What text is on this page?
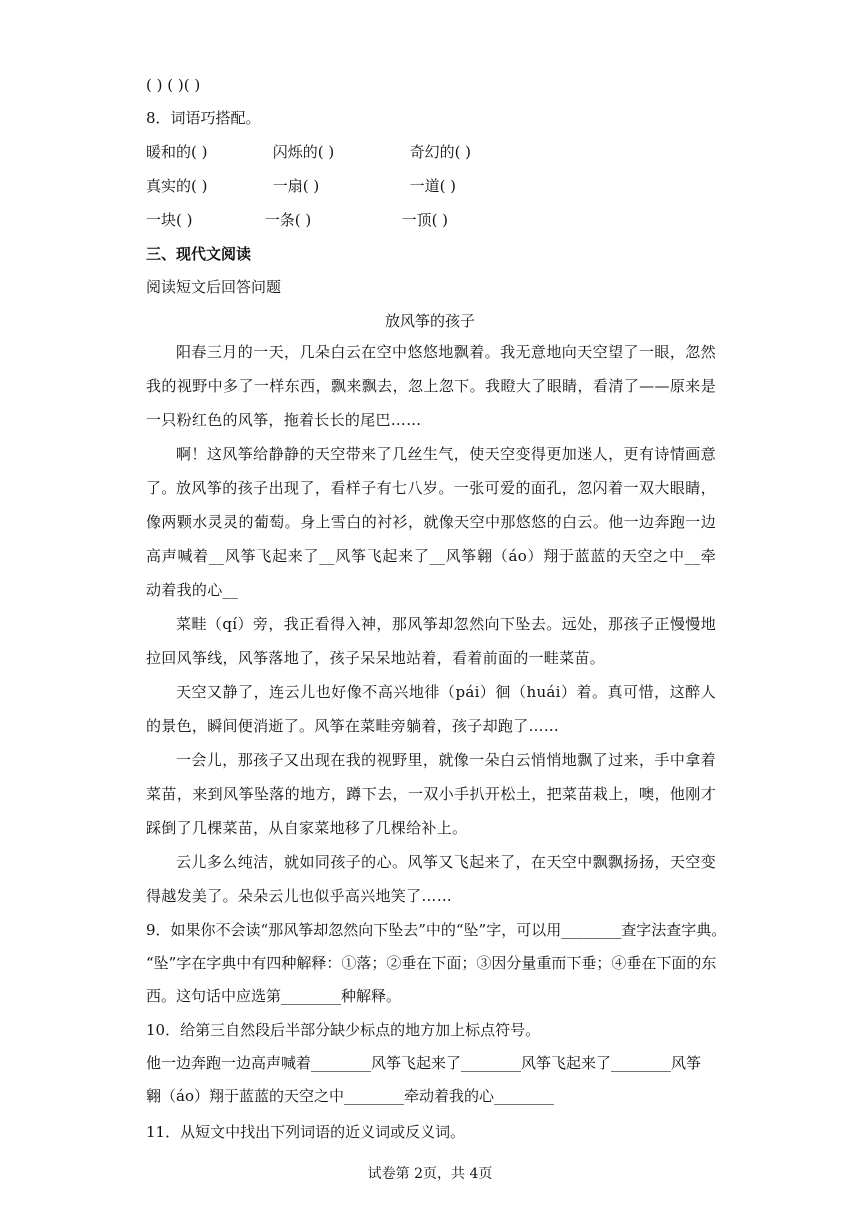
( ) ( )( )
8．词语巧搭配。
暖和的( )	闪烁的( )	奇幻的( )
真实的( )	一扇( )	一道( )
一块( )	一条( )	一顶( )
三、现代文阅读
阅读短文后回答问题
放风筝的孩子
阳春三月的一天，几朵白云在空中悠悠地飘着。我无意地向天空望了一眼，忽然我的视野中多了一样东西，飘来飘去，忽上忽下。我瞪大了眼睛，看清了——原来是一只粉红色的风筝，拖着长长的尾巴……
啊！这风筝给静静的天空带来了几丝生气，使天空变得更加迷人，更有诗情画意了。 放风筝的孩子出现了，看样子有七八岁。一张可爱的面孔，忽闪着一双大眼睛，像两颗水灵灵的葡萄。身上雪白的衬衫，就像天空中那悠悠的白云。他一边奔跑一边高声喊着__风筝飞起来了__风筝飞起来了__风筝翱（áo）翔于蓝蓝的天空之中__牵动着我的心__
菜畦（qí）旁，我正看得入神，那风筝却忽然向下坠去。远处，那孩子正慢慢地拉回风筝线，风筝落地了，孩子呆呆地站着，看着前面的一畦菜苗。
天空又静了，连云儿也好像不高兴地徘（pái）徊（huái）着。真可惜，这醉人的景色，瞬间便消逝了。风筝在菜畦旁躺着，孩子却跑了……
一会儿，那孩子又出现在我的视野里，就像一朵白云悄悄地飘了过来，手中拿着菜苗，来到风筝坠落的地方，蹲下去，一双小手扒开松土，把菜苗栽上，噢，他刚才踩倒了几棵菜苗，从自家菜地移了几棵给补上。
云儿多么纯洁，就如同孩子的心。风筝又飞起来了，在天空中飘飘扬扬，天空变得越发美了。朵朵云儿也似乎高兴地笑了……
9．如果你不会读“那风筝却忽然向下坠去”中的“坠”字，可以用________查字法查字典。
“坠”字在字典中有四种解释：①落；②垂在下面；③因分量重而下垂；④垂在下面的东
西。这句话中应选第________种解释。
10．给第三自然段后半部分缺少标点的地方加上标点符号。
他一边奔跑一边高声喊着________风筝飞起来了________风筝飞起来了________风筝
翱（áo）翔于蓝蓝的天空之中________牵动着我的心________
11．从短文中找出下列词语的近义词或反义词。
试卷第 2页，共 4页
